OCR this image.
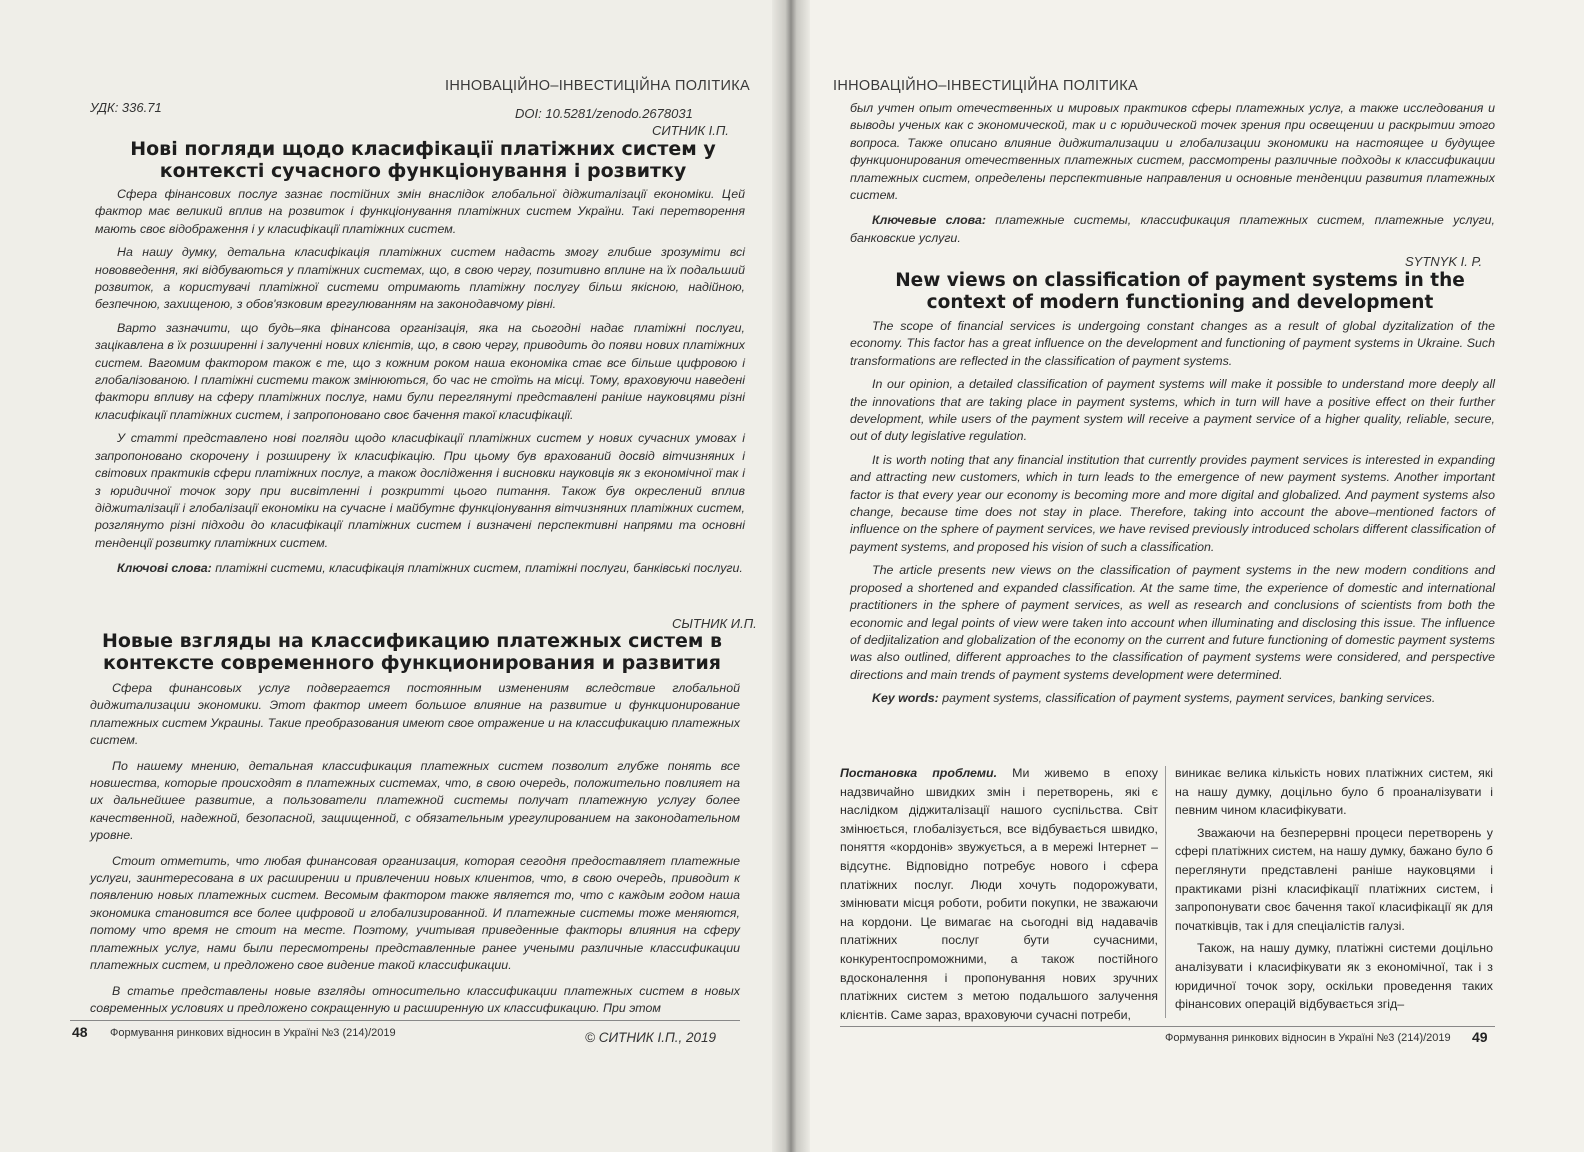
ІННОВАЦІЙНО–ІНВЕСТИЦІЙНА ПОЛІТИКА
УДК: 336.71	DOI: 10.5281/zenodo.2678031
СИТНИК І.П.
Нові погляди щодо класифікації платіжних систем у контексті сучасного функціонування і розвитку

Сфера фінансових послуг зазнає постійних змін внаслідок глобальної діджиталізації економіки. Цей фактор має великий вплив на розвиток і функціонування платіжних систем України. Такі перетворення мають своє відображення і у класифікації платіжних систем.

На нашу думку, детальна класифікація платіжних систем надасть змогу глибше зрозуміти всі нововведення, які відбуваються у платіжних системах, що, в свою чергу, позитивно вплине на їх подальший розвиток, а користувачі платіжної системи отримають платіжну послугу більш якісною, надійною, безпечною, захищеною, з обов'язковим врегулюванням на законодавчому рівні.

Варто зазначити, що будь–яка фінансова організація, яка на сьогодні надає платіжні послуги, зацікавлена в їх розширенні і залученні нових клієнтів, що, в свою чергу, приводить до появи нових платіжних систем. Вагомим фактором також є те, що з кожним роком наша економіка стає все більше цифровою і глобалізованою. І платіжні системи також змінюються, бо час не стоїть на місці. Тому, враховуючи наведені фактори впливу на сферу платіжних послуг, нами були переглянуті представлені раніше науковцями різні класифікації платіжних систем, і запропоновано своє бачення такої класифікації.

У статті представлено нові погляди щодо класифікації платіжних систем у нових сучасних умовах і запропоновано скорочену і розширену їх класифікацію. При цьому був врахований досвід вітчизняних і світових практиків сфери платіжних послуг, а також дослідження і висновки науковців як з економічної так і з юридичної точок зору при висвітленні і розкритті цього питання. Також був окреслений вплив діджиталізації і глобалізації економіки на сучасне і майбутнє функціонування вітчизняних платіжних систем, розглянуто різні підходи до класифікації платіжних систем і визначені перспективні напрями та основні тенденції розвитку платіжних систем.

Ключові слова: платіжні системи, класифікація платіжних систем, платіжні послуги, банківські послуги.

СЫТНИК И.П.
Новые взгляды на классификацию платежных систем в контексте современного функционирования и развития

Сфера финансовых услуг подвергается постоянным изменениям вследствие глобальной диджитализации экономики. Этот фактор имеет большое влияние на развитие и функционирование платежных систем Украины. Такие преобразования имеют свое отражение и на классификацию платежных систем.

По нашему мнению, детальная классификация платежных систем позволит глубже понять все новшества, которые происходят в платежных системах, что, в свою очередь, положительно повлияет на их дальнейшее развитие, а пользователи платежной системы получат платежную услугу более качественной, надежной, безопасной, защищенной, с обязательным урегулированием на законодательном уровне.

Стоит отметить, что любая финансовая организация, которая сегодня предоставляет платежные услуги, заинтересована в их расширении и привлечении новых клиентов, что, в свою очередь, приводит к появлению новых платежных систем. Весомым фактором также является то, что с каждым годом наша экономика становится все более цифровой и глобализированной. И платежные системы тоже меняются, потому что время не стоит на месте. Поэтому, учитывая приведенные факторы влияния на сферу платежных услуг, нами были пересмотрены представленные ранее учеными различные классификации платежных систем, и предложено свое видение такой классификации.

В статье представлены новые взгляды относительно классификации платежных систем в новых современных условиях и предложено сокращенную и расширенную их классификацию. При этом

48 Формування ринкових відносин в Україні №3 (214)/2019	© СИТНИК І.П., 2019
ІННОВАЦІЙНО–ІНВЕСТИЦІЙНА ПОЛІТИКА

был учтен опыт отечественных и мировых практиков сферы платежных услуг, а также исследования и выводы ученых как с экономической, так и с юридической точек зрения при освещении и раскрытии этого вопроса. Также описано влияние диджитализации и глобализации экономики на настоящее и будущее функционирования отечественных платежных систем, рассмотрены различные подходы к классификации платежных систем, определены перспективные направления и основные тенденции развития платежных систем.

Ключевые слова: платежные системы, классификация платежных систем, платежные услуги, банковские услуги.

SYTNYK I. P.
New views on classification of payment systems in the context of modern functioning and development

The scope of financial services is undergoing constant changes as a result of global dyzitalization of the economy. This factor has a great influence on the development and functioning of payment systems in Ukraine. Such transformations are reflected in the classification of payment systems.

In our opinion, a detailed classification of payment systems will make it possible to understand more deeply all the innovations that are taking place in payment systems, which in turn will have a positive effect on their further development, while users of the payment system will receive a payment service of a higher quality, reliable, secure, out of duty legislative regulation.

It is worth noting that any financial institution that currently provides payment services is interested in expanding and attracting new customers, which in turn leads to the emergence of new payment systems. Another important factor is that every year our economy is becoming more and more digital and globalized. And payment systems also change, because time does not stay in place. Therefore, taking into account the above–mentioned factors of influence on the sphere of payment services, we have revised previously introduced scholars different classification of payment systems, and proposed his vision of such a classification.

The article presents new views on the classification of payment systems in the new modern conditions and proposed a shortened and expanded classification. At the same time, the experience of domestic and international practitioners in the sphere of payment services, as well as research and conclusions of scientists from both the economic and legal points of view were taken into account when illuminating and disclosing this issue. The influence of dedjitalization and globalization of the economy on the current and future functioning of domestic payment systems was also outlined, different approaches to the classification of payment systems were considered, and perspective directions and main trends of payment systems development were determined.

Key words: payment systems, classification of payment systems, payment services, banking services.

Постановка проблеми. Ми живемо в епоху надзвичайно швидких змін і перетворень, які є наслідком діджиталізації нашого суспільства. Світ змінюється, глобалізується, все відбувається швидко, поняття «кордонів» звужується, а в мережі Інтернет – відсутнє. Відповідно потребує нового і сфера платіжних послуг. Люди хочуть подорожувати, змінювати місця роботи, робити покупки, не зважаючи на кордони. Це вимагає на сьогодні від надавачів платіжних послуг бути сучасними, конкурентоспроможними, а також постійного вдосконалення і пропонування нових зручних платіжних систем з метою подальшого залучення клієнтів. Саме зараз, враховуючи сучасні потреби,

виникає велика кількість нових платіжних систем, які на нашу думку, доцільно було б проаналізувати і певним чином класифікувати.

Зважаючи на безперервні процеси перетворень у сфері платіжних систем, на нашу думку, бажано було б переглянути представлені раніше науковцями і практиками різні класифікації платіжних систем, і запропонувати своє бачення такої класифікації як для початківців, так і для спеціалістів галузі.

Також, на нашу думку, платіжні системи доцільно аналізувати і класифікувати як з економічної, так і з юридичної точок зору, оскільки проведення таких фінансових операцій відбувається згід–

Формування ринкових відносин в Україні №3 (214)/2019 49
